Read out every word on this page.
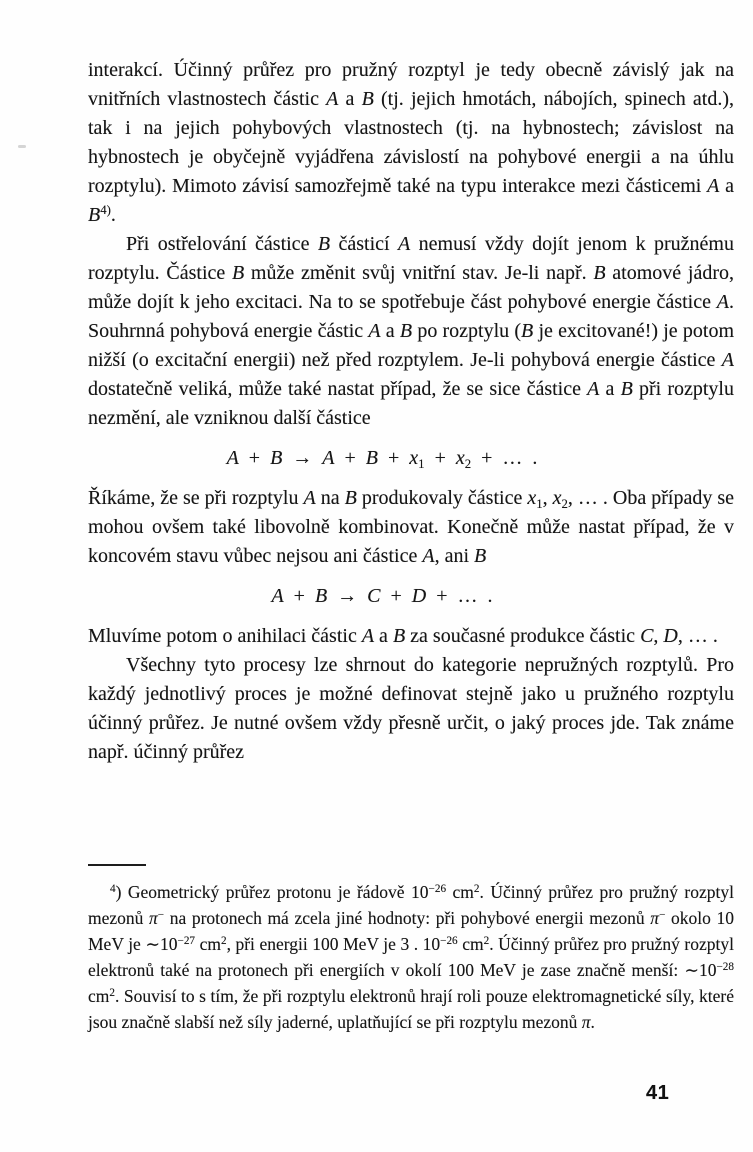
interakcí. Účinný průřez pro pružný rozptyl je tedy obecně závislý jak na vnitřních vlastnostech částic A a B (tj. jejich hmotách, nábojích, spinech atd.), tak i na jejich pohybových vlastnostech (tj. na hybnostech; závislost na hybnostech je obyčejně vyjádřena závislostí na pohybové energii a na úhlu rozptylu). Mimoto závisí samozřejmě také na typu interakce mezi částicemi A a $B^{4)}$.

Při ostřelování částice B částicí A nemusí vždy dojít jenom k pružnému rozptylu. Částice B může změnit svůj vnitřní stav. Je-li např. B atomové jádro, může dojít k jeho excitaci. Na to se spotřebuje část pohybové energie částice A. Souhrnná pohybová energie částic A a B po rozptylu (B je excitované!) je potom nižší (o excitační energii) než před rozptylem. Je-li pohybová energie částice A dostatečně veliká, může také nastat případ, že se sice částice A a B při rozptylu nezmění, ale vzniknou další částice

A + B → A + B + x1 + x2 + … .

Říkáme, že se při rozptylu A na B produkovaly částice x1, x2, … . Oba případy se mohou ovšem také libovolně kombinovat. Konečně může nastat případ, že v koncovém stavu vůbec nejsou ani částice A, ani B

A + B → C + D + … .

Mluvíme potom o anihilaci částic A a B za současné produkce částic C, D, … .

Všechny tyto procesy lze shrnout do kategorie nepružných rozptylů. Pro každý jednotlivý proces je možné definovat stejně jako u pružného rozptylu účinný průřez. Je nutné ovšem vždy přesně určit, o jaký proces jde. Tak známe např. účinný průřez

$^4$) Geometrický průřez protonu je řádově $10^{-26}$ $cm^2$. Účinný průřez pro pružný rozptyl mezonů π− na protonech má zcela jiné hodnoty: při pohybové energii mezonů π− okolo 10 MeV je $\sim 10^{-27}$ $cm^2$, při energii 100 MeV je 3 . $10^{-26}$ $cm^2$. Účinný průřez pro pružný rozptyl elektronů také na protonech při energiích v okolí 100 MeV je zase značně menší: $\sim 10^{-28}$ $cm^2$. Souvisí to s tím, že při rozptylu elektronů hrají roli pouze elektromagnetické síly, které jsou značně slabší než síly jaderné, uplatňující se při rozptylu mezonů π.
41
